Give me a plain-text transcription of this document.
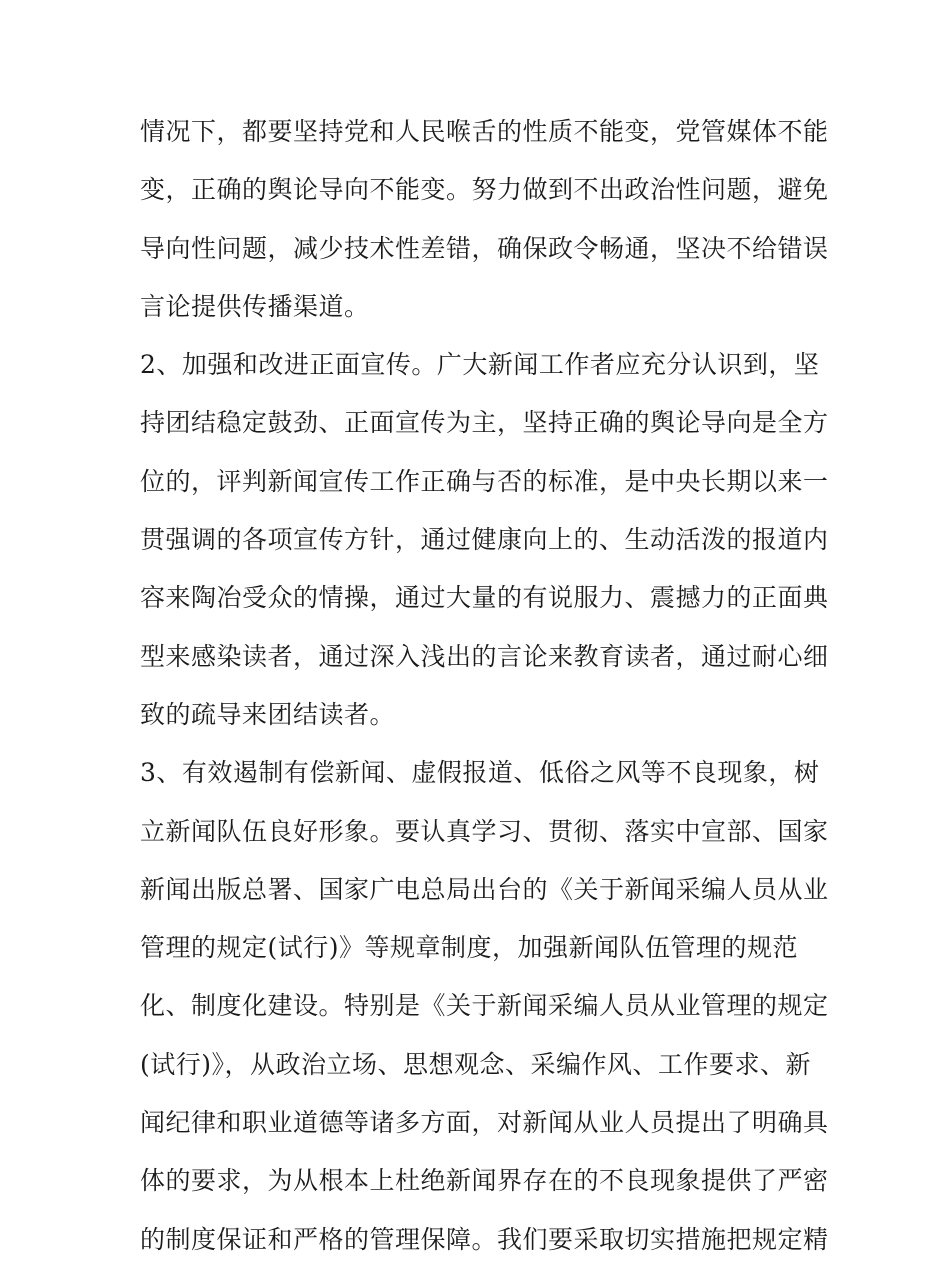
情况下，都要坚持党和人民喉舌的性质不能变，党管媒体不能
变，正确的舆论导向不能变。努力做到不出政治性问题，避免
导向性问题，减少技术性差错，确保政令畅通，坚决不给错误
言论提供传播渠道。
2、加强和改进正面宣传。广大新闻工作者应充分认识到，坚
持团结稳定鼓劲、正面宣传为主，坚持正确的舆论导向是全方
位的，评判新闻宣传工作正确与否的标准，是中央长期以来一
贯强调的各项宣传方针，通过健康向上的、生动活泼的报道内
容来陶冶受众的情操，通过大量的有说服力、震撼力的正面典
型来感染读者，通过深入浅出的言论来教育读者，通过耐心细
致的疏导来团结读者。
3、有效遏制有偿新闻、虚假报道、低俗之风等不良现象，树
立新闻队伍良好形象。要认真学习、贯彻、落实中宣部、国家
新闻出版总署、国家广电总局出台的《关于新闻采编人员从业
管理的规定(试行)》等规章制度，加强新闻队伍管理的规范
化、制度化建设。特别是《关于新闻采编人员从业管理的规定
(试行)》，从政治立场、思想观念、采编作风、工作要求、新
闻纪律和职业道德等诸多方面，对新闻从业人员提出了明确具
体的要求，为从根本上杜绝新闻界存在的不良现象提供了严密
的制度保证和严格的管理保障。我们要采取切实措施把规定精
